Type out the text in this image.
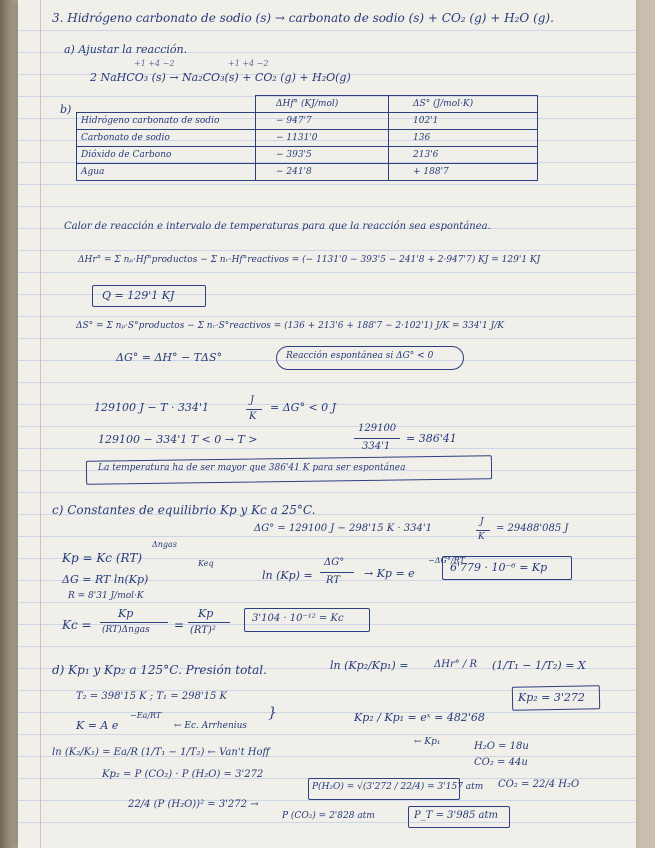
3. Hidrógeno carbonato de sodio (s) → carbonato de sodio (s) + CO₂ (g) + H₂O (g).
a) Ajustar la reacción.
+1 +4 −2	+1 +4 −2
2 NaHCO₃ (s) → Na₂CO₃(s) + CO₂ (g) + H₂O(g)
b)
		ΔHf° (KJ/mol)	ΔS° (J/mol·K)
Hidrógeno carbonato de sodio	− 947'7	102'1
Carbonato de sodio	− 1131'0	136
Dióxido de Carbono	− 393'5	213'6
Agua	− 241'8	+ 188'7
Calor de reacción e intervalo de temperaturas para que la reacción sea espontánea.
ΔHr° = Σ nₚ·Hf°productos − Σ nᵣ·Hf°reactivos = (− 1131'0 − 393'5 − 241'8 + 2·947'7) KJ = 129'1 KJ
Q = 129'1 KJ
ΔS° = Σ nₚ·S°productos − Σ nᵣ·S°reactivos = (136 + 213'6 + 188'7 − 2·102'1) J/K = 334'1 J/K
ΔG° = ΔH° − TΔS°	Reacción espontánea si ΔG° < 0
129100 J − T · 334'1
J
K
= ΔG° < 0 J
129100 − 334'1 T < 0 → T >
129100
334'1
= 386'41
La temperatura ha de ser mayor que 386'41 K para ser espontánea
c) Constantes de equilibrio Kp y Kc a 25°C.
Kp = Kc (RT)
Δngas
Keq
ΔG = RT ln(Kp)
R = 8'31 J/mol·K
Kc =
Kp
(RT)Δngas =
Kp
(RT)²
3'104 · 10⁻¹² = Kc
ΔG° = 129100 J − 298'15 K · 334'1
J
K
= 29488'085 J
ln (Kp) =
ΔG°
RT
→ Kp = e
−ΔG°/RT
6'779 · 10⁻⁶ = Kp
d) Kp₁ y Kp₂ a 125°C. Presión total.
T₂ = 398'15 K ; T₁ = 298'15 K
K = A e
−Ea/RT
← Ec. Arrhenius
}
ln (K₂/K₁) = Ea/R (1/T₁ − 1/T₂) ← Van't Hoff
ln (Kp₂/Kp₁) =	ΔHr° / R (1/T₁ − 1/T₂) = X
Kp₂ / Kp₁ = eˣ = 482'68
Kp₂ = 3'272
← Kp₁	H₂O = 18u
CO₂ = 44u
CO₂ = 22/4 H₂O
Kp₂ = P (CO₂) · P (H₂O) = 3'272
22/4 (P (H₂O))² = 3'272 →
P(H₂O) = √(3'272 / 22/4) = 3'157 atm
P (CO₂) = 2'828 atm	P_T = 3'985 atm
